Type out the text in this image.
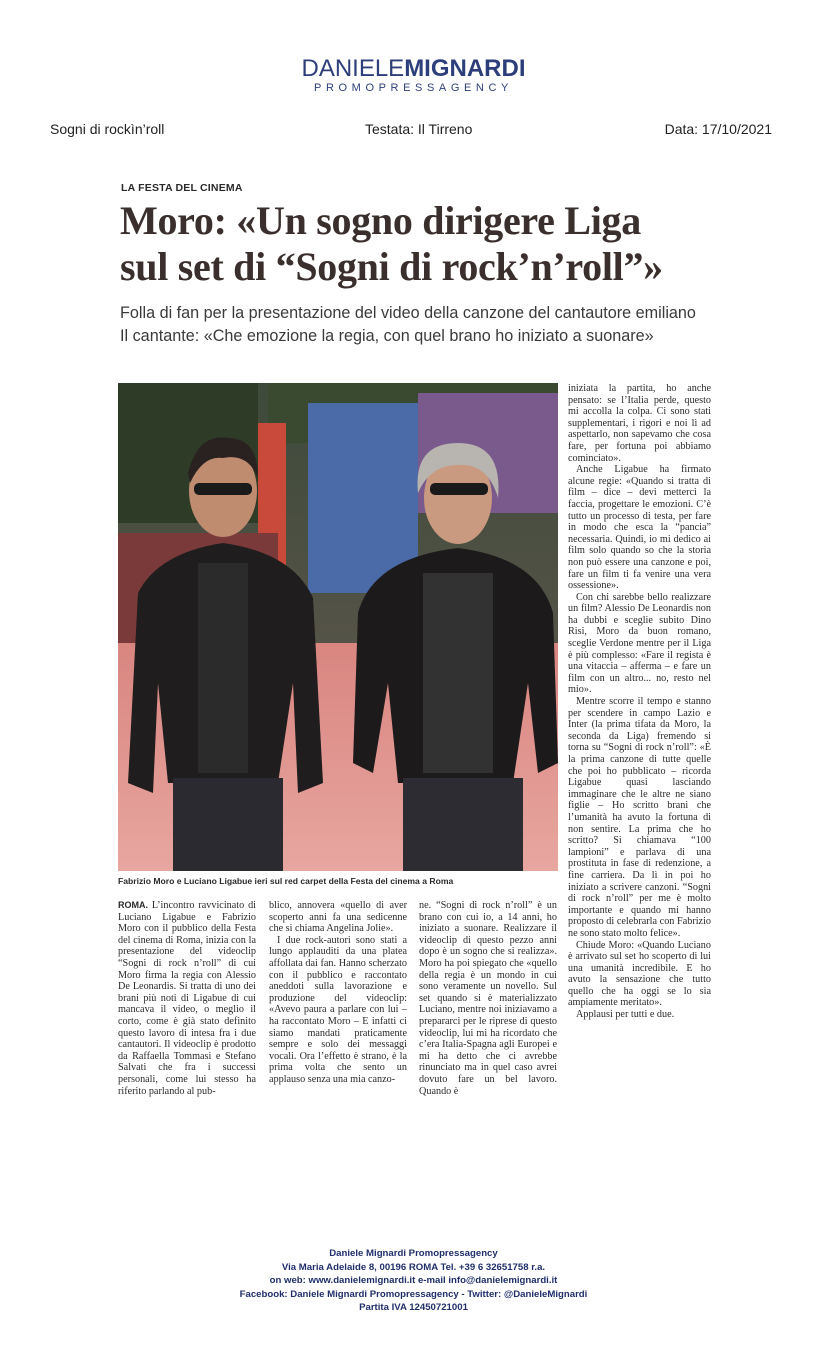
DANIELEMIGNARDI
PROMOPRESSAGENCY
Sogni di rockìn’roll	Testata: Il Tirreno	Data: 17/10/2021
LA FESTA DEL CINEMA
Moro: «Un sogno dirigere Liga
sul set di “Sogni di rock’n’roll”»
Folla di fan per la presentazione del video della canzone del cantautore emiliano
Il cantante: «Che emozione la regia, con quel brano ho iniziato a suonare»
Fabrizio Moro e Luciano Ligabue ieri sul red carpet della Festa del cinema a Roma

ROMA. L’incontro ravvicinato di Luciano Ligabue e Fabrizio Moro con il pubblico della Festa del cinema di Roma, inizia con la presentazione del videoclip “Sogni di rock n’roll” di cui Moro firma la regia con Alessio De Leonardis. Si tratta di uno dei brani più noti di Ligabue di cui mancava il video, o meglio il corto, come è già stato definito questo lavoro di intesa fra i due cantautori. Il videoclip è prodotto da Raffaella Tommasi e Stefano Salvati che fra i successi personali, come lui stesso ha riferito parlando al pub-

blico, annovera «quello di aver scoperto anni fa una sedicenne che si chiama Angelina Jolie».

I due rock-autori sono stati a lungo applauditi da una platea affollata dai fan. Hanno scherzato con il pubblico e raccontato aneddoti sulla lavorazione e produzione del videoclip: «Avevo paura a parlare con lui – ha raccontato Moro – E infatti ci siamo mandati praticamente sempre e solo dei messaggi vocali. Ora l’effetto è strano, è la prima volta che sento un applauso senza una mia canzo-

ne. “Sogni di rock n’roll” è un brano con cui io, a 14 anni, ho iniziato a suonare. Realizzare il videoclip di questo pezzo anni dopo è un sogno che si realizza». Moro ha poi spiegato che «quello della regia è un mondo in cui sono veramente un novello. Sul set quando si è materializzato Luciano, mentre noi iniziavamo a prepararci per le riprese di questo videoclip, lui mi ha ricordato che c’era Italia-Spagna agli Europei e mi ha detto che ci avrebbe rinunciato ma in quel caso avrei dovuto fare un bel lavoro. Quando è

iniziata la partita, ho anche pensato: se l’Italia perde, questo mi accolla la colpa. Ci sono stati supplementari, i rigori e noi lì ad aspettarlo, non sapevamo che cosa fare, per fortuna poi abbiamo cominciato».

Anche Ligabue ha firmato alcune regie: «Quando si tratta di film – dice – devi metterci la faccia, progettare le emozioni. C’è tutto un processo di testa, per fare in modo che esca la “pancia” necessaria. Quindi, io mi dedico ai film solo quando so che la storia non può essere una canzone e poi, fare un film ti fa venire una vera ossessione».

Con chi sarebbe bello realizzare un film? Alessio De Leonardis non ha dubbi e sceglie subito Dino Risi, Moro da buon romano, sceglie Verdone mentre per il Liga è più complesso: «Fare il regista è una vitaccia – afferma – e fare un film con un altro... no, resto nel mio».

Mentre scorre il tempo e stanno per scendere in campo Lazio e Inter (la prima tifata da Moro, la seconda da Liga) fremendo si torna su “Sogni di rock n’roll”: «È la prima canzone di tutte quelle che poi ho pubblicato – ricorda Ligabue quasi lasciando immaginare che le altre ne siano figlie – Ho scritto brani che l’umanità ha avuto la fortuna di non sentire. La prima che ho scritto? Si chiamava “100 lampioni” e parlava di una prostituta in fase di redenzione, a fine carriera. Da lì in poi ho iniziato a scrivere canzoni. “Sogni di rock n’roll” per me è molto importante e quando mi hanno proposto di celebrarla con Fabrizio ne sono stato molto felice».

Chiude Moro: «Quando Luciano è arrivato sul set ho scoperto di lui una umanità incredibile. E ho avuto la sensazione che tutto quello che ha oggi se lo sia ampiamente meritato».

Applausi per tutti e due.

Daniele Mignardi Promopressagency
Via Maria Adelaide 8, 00196 ROMA Tel. +39 6 32651758 r.a.
on web: www.danielemignardi.it e-mail info@danielemignardi.it
Facebook: Daniele Mignardi Promopressagency - Twitter: @DanieleMignardi
Partita IVA 12450721001
